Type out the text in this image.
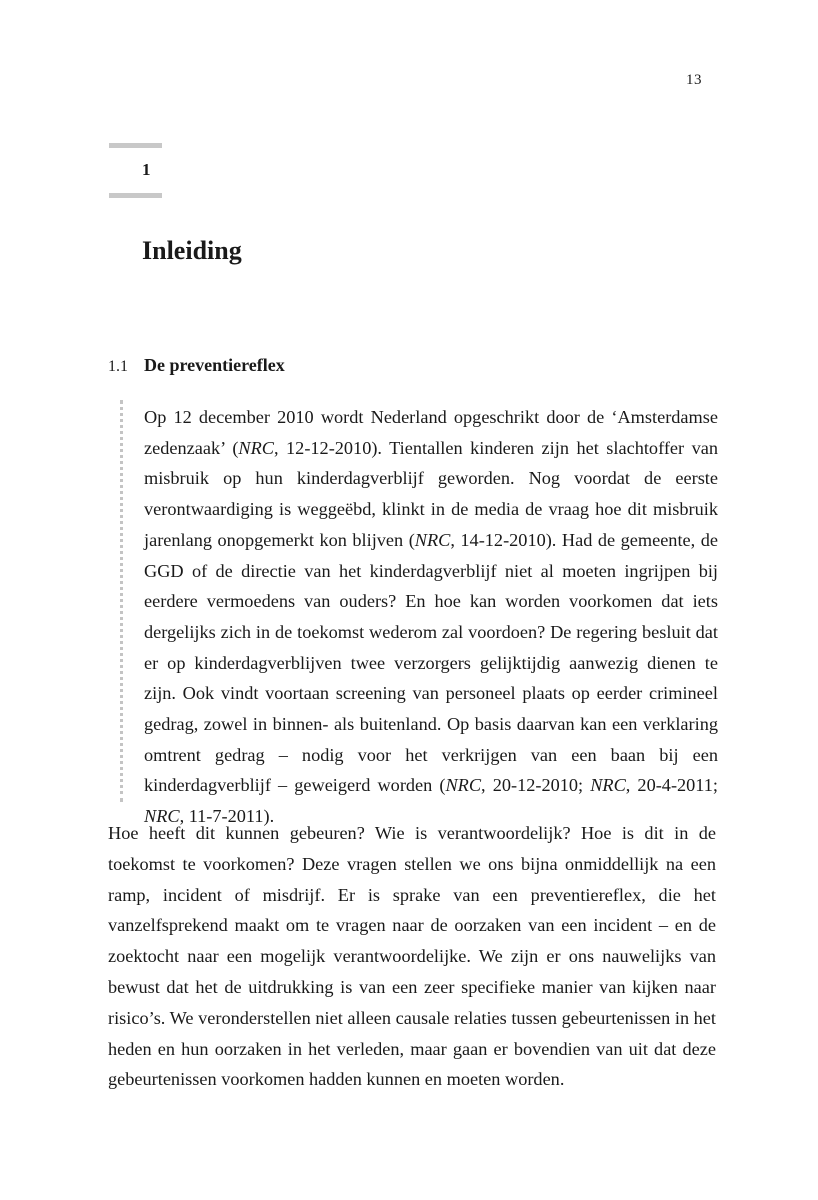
13
1
Inleiding
1.1 De preventiereflex

Op 12 december 2010 wordt Nederland opgeschrikt door de ‘Amsterdamse zedenzaak’ (NRC, 12-12-2010). Tientallen kinderen zijn het slachtoffer van misbruik op hun kinderdagverblijf geworden. Nog voordat de eerste verontwaardiging is weggeëbd, klinkt in de media de vraag hoe dit misbruik jarenlang onopgemerkt kon blijven (NRC, 14-12-2010). Had de gemeente, de GGD of de directie van het kinderdagverblijf niet al moeten ingrijpen bij eerdere vermoedens van ouders? En hoe kan worden voorkomen dat iets dergelijks zich in de toekomst wederom zal voordoen? De regering besluit dat er op kinderdagverblijven twee verzorgers gelijktijdig aanwezig dienen te zijn. Ook vindt voortaan screening van personeel plaats op eerder crimineel gedrag, zowel in binnen- als buitenland. Op basis daarvan kan een verklaring omtrent gedrag – nodig voor het verkrijgen van een baan bij een kinderdagverblijf – geweigerd worden (NRC, 20-12-2010; NRC, 20-4-2011; NRC, 11-7-2011).

Hoe heeft dit kunnen gebeuren? Wie is verantwoordelijk? Hoe is dit in de toekomst te voorkomen? Deze vragen stellen we ons bijna onmiddellijk na een ramp, incident of misdrijf. Er is sprake van een preventiereflex, die het vanzelfsprekend maakt om te vragen naar de oorzaken van een incident – en de zoektocht naar een mogelijk verantwoordelijke. We zijn er ons nauwelijks van bewust dat het de uitdrukking is van een zeer specifieke manier van kijken naar risico’s. We veronderstellen niet alleen causale relaties tussen gebeurtenissen in het heden en hun oorzaken in het verleden, maar gaan er bovendien van uit dat deze gebeurtenissen voorkomen hadden kunnen en moeten worden.
